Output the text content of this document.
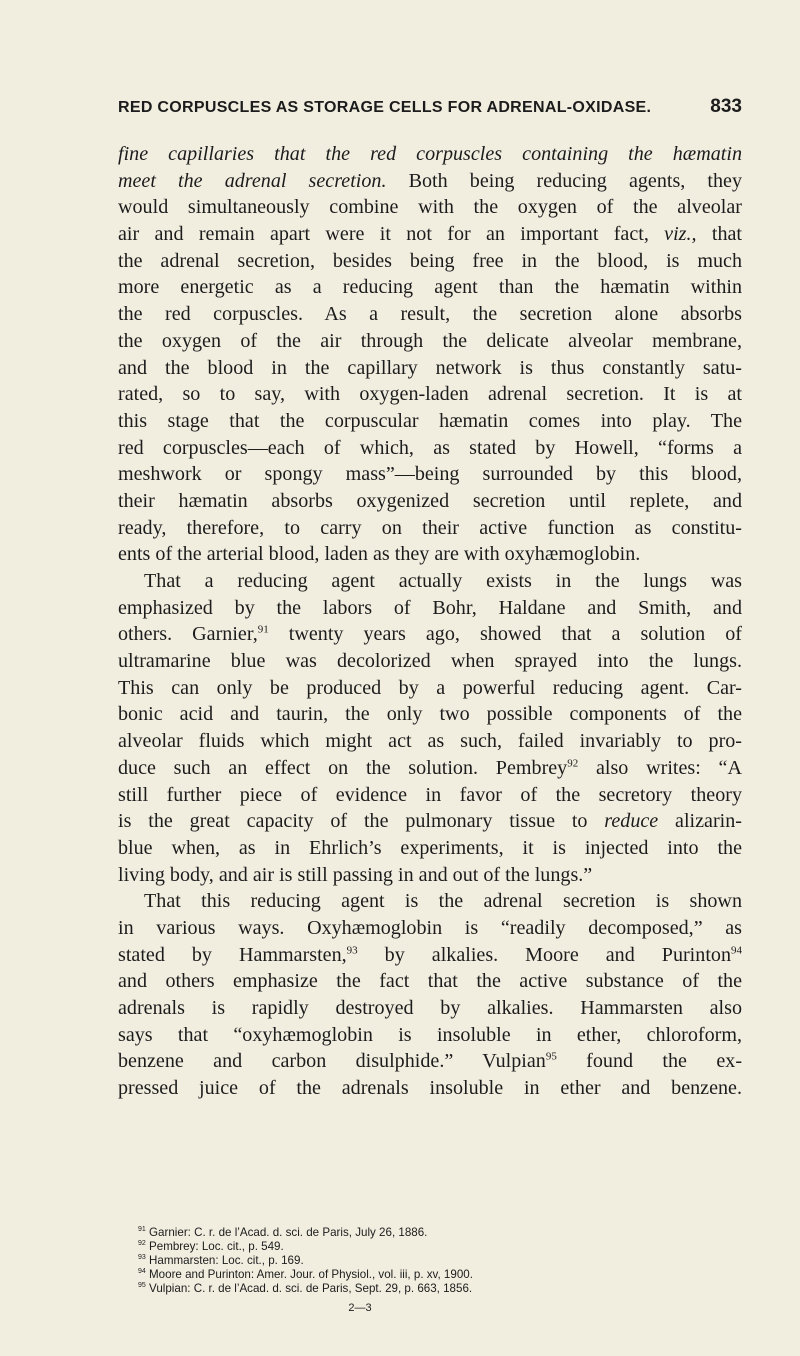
RED CORPUSCLES AS STORAGE CELLS FOR ADRENAL-OXIDASE.	833
fine capillaries that the red corpuscles containing the hæmatin
meet the adrenal secretion. Both being reducing agents, they
would simultaneously combine with the oxygen of the alveolar
air and remain apart were it not for an important fact, viz., that
the adrenal secretion, besides being free in the blood, is much
more energetic as a reducing agent than the hæmatin within
the red corpuscles. As a result, the secretion alone absorbs
the oxygen of the air through the delicate alveolar membrane,
and the blood in the capillary network is thus constantly satu-
rated, so to say, with oxygen-laden adrenal secretion. It is at
this stage that the corpuscular hæmatin comes into play. The
red corpuscles—each of which, as stated by Howell, “forms a
meshwork or spongy mass”—being surrounded by this blood,
their hæmatin absorbs oxygenized secretion until replete, and
ready, therefore, to carry on their active function as constitu-
ents of the arterial blood, laden as they are with oxyhæmoglobin.
That a reducing agent actually exists in the lungs was
emphasized by the labors of Bohr, Haldane and Smith, and
others. Garnier,$^{91}$ twenty years ago, showed that a solution of
ultramarine blue was decolorized when sprayed into the lungs.
This can only be produced by a powerful reducing agent. Car-
bonic acid and taurin, the only two possible components of the
alveolar fluids which might act as such, failed invariably to pro-
duce such an effect on the solution. Pembrey$^{92}$ also writes: “A
still further piece of evidence in favor of the secretory theory
is the great capacity of the pulmonary tissue to reduce alizarin-
blue when, as in Ehrlich’s experiments, it is injected into the
living body, and air is still passing in and out of the lungs.”
That this reducing agent is the adrenal secretion is shown
in various ways. Oxyhæmoglobin is “readily decomposed,” as
stated by Hammarsten,$^{93}$ by alkalies. Moore and Purinton$^{94}$
and others emphasize the fact that the active substance of the
adrenals is rapidly destroyed by alkalies. Hammarsten also
says that “oxyhæmoglobin is insoluble in ether, chloroform,
benzene and carbon disulphide.” Vulpian$^{95}$ found the ex-
pressed juice of the adrenals insoluble in ether and benzene.
$^{91}$ Garnier: C. r. de l’Acad. d. sci. de Paris, July 26, 1886.
$^{92}$ Pembrey: Loc. cit., p. 549.
$^{93}$ Hammarsten: Loc. cit., p. 169.
$^{94}$ Moore and Purinton: Amer. Jour. of Physiol., vol. iii, p. xv, 1900.
$^{95}$ Vulpian: C. r. de l’Acad. d. sci. de Paris, Sept. 29, p. 663, 1856.
2—3
